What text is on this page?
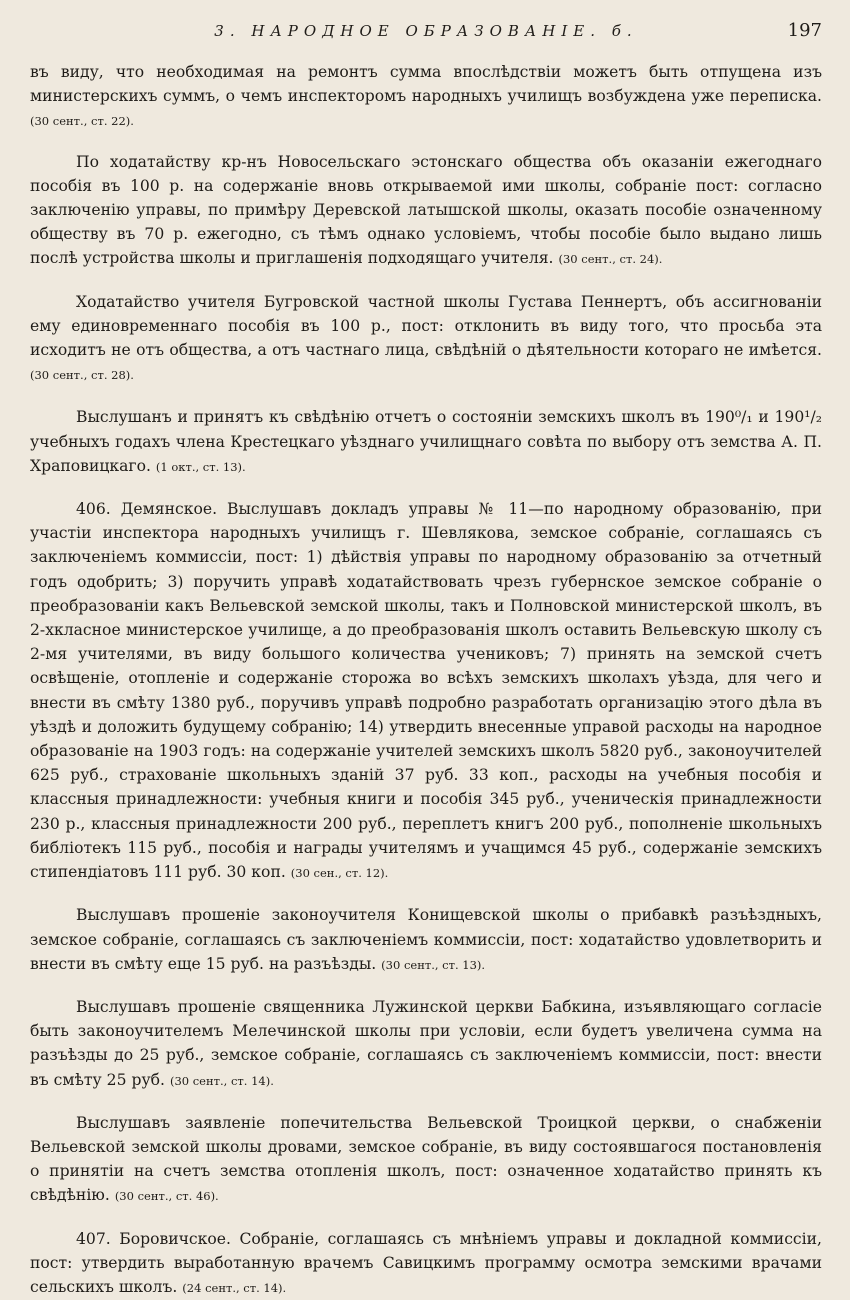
3. НАРОДНОЕ ОБРАЗОВАНІЕ. б.	197

въ виду, что необходимая на ремонтъ сумма впослѣдствіи можетъ быть отпущена изъ министерскихъ суммъ, о чемъ инспекторомъ народныхъ училищъ возбуждена уже переписка. (30 сент., ст. 22).

По ходатайству кр-нъ Новосельскаго эстонскаго общества объ оказаніи ежегоднаго пособія въ 100 р. на содержаніе вновь открываемой ими школы, собраніе пост: согласно заключенію управы, по примѣру Деревской латышской школы, оказать пособіе означенному обществу въ 70 р. ежегодно, съ тѣмъ однако условіемъ, чтобы пособіе было выдано лишь послѣ устройства школы и приглашенія подходящаго учителя. (30 сент., ст. 24).

Ходатайство учителя Бугровской частной школы Густава Пеннертъ, объ ассигнованіи ему единовременнаго пособія въ 100 р., пост: отклонить въ виду того, что просьба эта исходитъ не отъ общества, а отъ частнаго лица, свѣдѣній о дѣятельности котораго не имѣется. (30 сент., ст. 28).

Выслушанъ и принятъ къ свѣдѣнію отчетъ о состояніи земскихъ школъ въ 190⁰/₁ и 190¹/₂ учебныхъ годахъ члена Крестецкаго уѣзднаго училищнаго совѣта по выбору отъ земства А. П. Храповицкаго. (1 окт., ст. 13).

406. Демянское. Выслушавъ докладъ управы № 11—по народному образованію, при участіи инспектора народныхъ училищъ г. Шевлякова, земское собраніе, соглашаясь съ заключеніемъ коммиссіи, пост: 1) дѣйствія управы по народному образованію за отчетный годъ одобрить; 3) поручить управѣ ходатайствовать чрезъ губернское земское собраніе о преобразованіи какъ Вельевской земской школы, такъ и Полновской министерской школъ, въ 2-хкласное министерское училище, а до преобразованія школъ оставить Вельевскую школу съ 2-мя учителями, въ виду большого количества учениковъ; 7) принять на земской счетъ освѣщеніе, отопленіе и содержаніе сторожа во всѣхъ земскихъ школахъ уѣзда, для чего и внести въ смѣту 1380 руб., поручивъ управѣ подробно разработать организацію этого дѣла въ уѣздѣ и доложить будущему собранію; 14) утвердить внесенные управой расходы на народное образованіе на 1903 годъ: на содержаніе учителей земскихъ школъ 5820 руб., законоучителей 625 руб., страхованіе школьныхъ зданій 37 руб. 33 коп., расходы на учебныя пособія и классныя принадлежности: учебныя книги и пособія 345 руб., ученическія принадлежности 230 р., классныя принадлежности 200 руб., переплетъ книгъ 200 руб., пополненіе школьныхъ библіотекъ 115 руб., пособія и награды учителямъ и учащимся 45 руб., содержаніе земскихъ стипендіатовъ 111 руб. 30 коп. (30 сен., ст. 12).

Выслушавъ прошеніе законоучителя Конищевской школы о прибавкѣ разъѣздныхъ, земское собраніе, соглашаясь съ заключеніемъ коммиссіи, пост: ходатайство удовлетворить и внести въ смѣту еще 15 руб. на разъѣзды. (30 сент., ст. 13).

Выслушавъ прошеніе священника Лужинской церкви Бабкина, изъявляющаго согласіе быть законоучителемъ Мелечинской школы при условіи, если будетъ увеличена сумма на разъѣзды до 25 руб., земское собраніе, соглашаясь съ заключеніемъ коммиссіи, пост: внести въ смѣту 25 руб. (30 сент., ст. 14).

Выслушавъ заявленіе попечительства Вельевской Троицкой церкви, о снабженіи Вельевской земской школы дровами, земское собраніе, въ виду состоявшагося постановленія о принятіи на счетъ земства отопленія школъ, пост: означенное ходатайство принять къ свѣдѣнію. (30 сент., ст. 46).

407. Боровичское. Собраніе, соглашаясь съ мнѣніемъ управы и докладной коммиссіи, пост: утвердить выработанную врачемъ Савицкимъ программу осмотра земскими врачами сельскихъ школъ. (24 сент., ст. 14).
